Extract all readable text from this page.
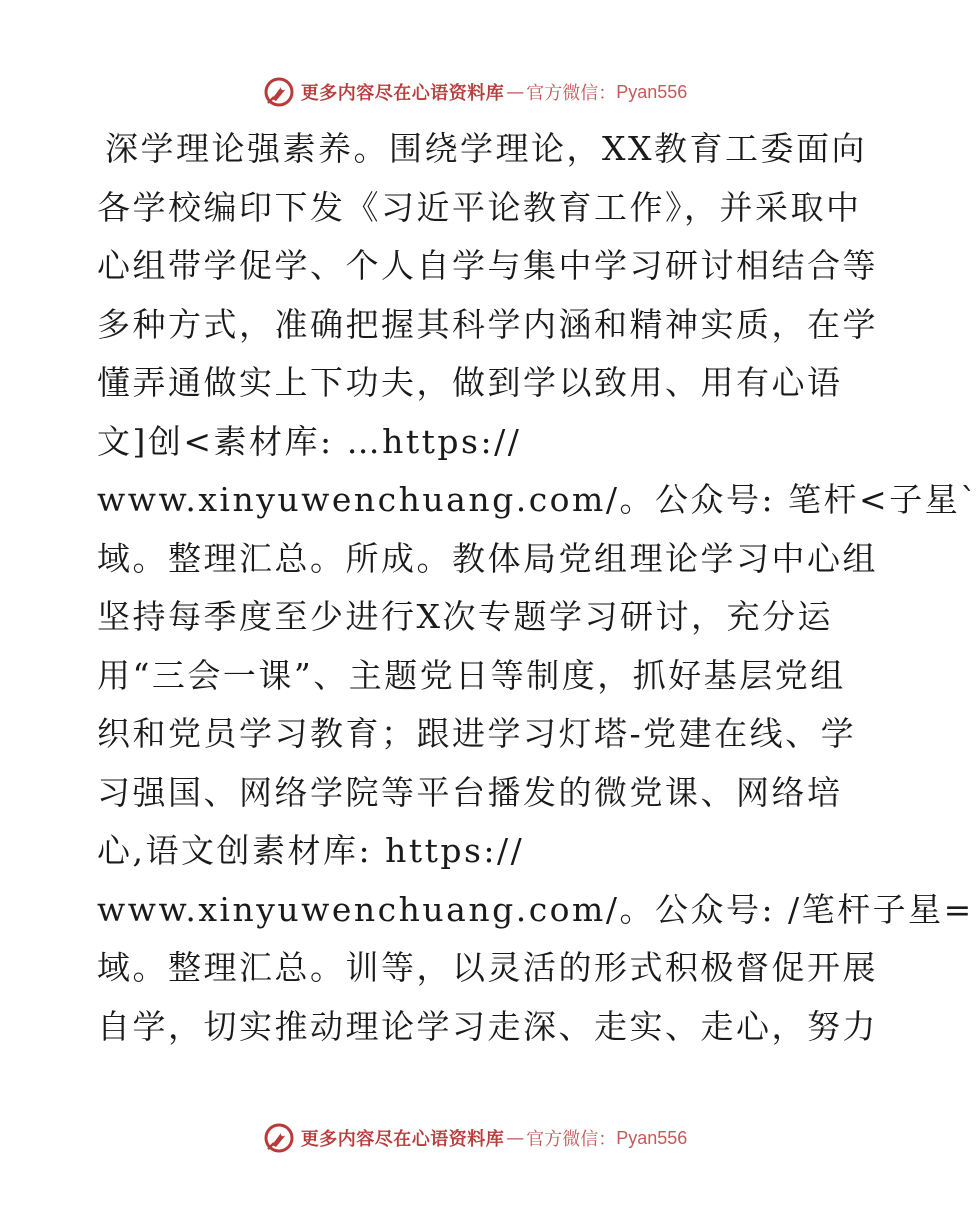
更多内容尽在心语资料库 — 官方微信： Pyan556
深学理论强素养。围绕学理论，XX教育工委面向
各学校编印下发《习近平论教育工作》，并采取中
心组带学促学、个人自学与集中学习研讨相结合等
多种方式，准确把握其科学内涵和精神实质，在学
懂弄通做实上下功夫，做到学以致用、用有心语
文]创<素材库: …https://
www.xinyuwenchuang.com/。公众号: 笔杆<子星`
域。整理汇总。所成。教体局党组理论学习中心组
坚持每季度至少进行X次专题学习研讨，充分运
用“三会一课”、主题党日等制度，抓好基层党组
织和党员学习教育；跟进学习灯塔-党建在线、学
习强国、网络学院等平台播发的微党课、网络培
心,语文创素材库: https://
www.xinyuwenchuang.com/。公众号: /笔杆子星=
域。整理汇总。训等，以灵活的形式积极督促开展
自学，切实推动理论学习走深、走实、走心，努力
更多内容尽在心语资料库 — 官方微信： Pyan556
